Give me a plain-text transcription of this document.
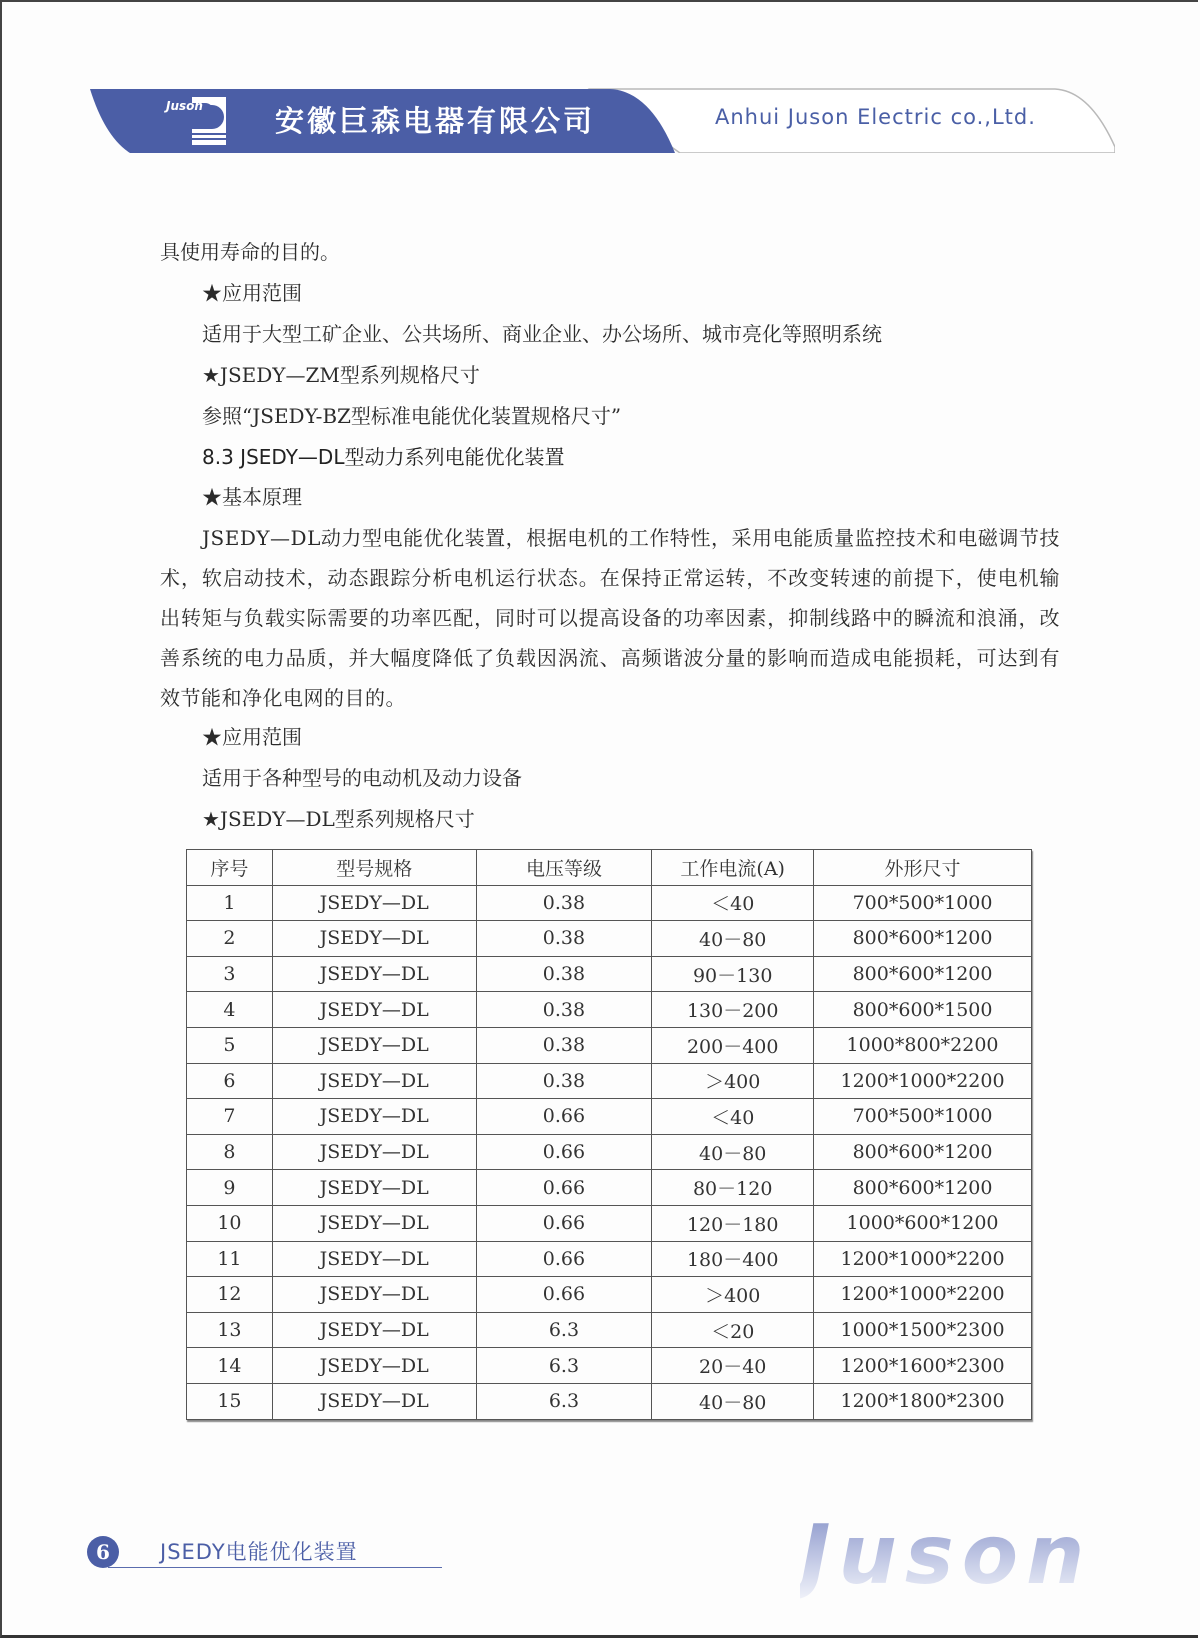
Juson 安徽巨森电器有限公司	Anhui Juson Electric co.,Ltd.
具使用寿命的目的。
★应用范围
适用于大型工矿企业、公共场所、商业企业、办公场所、城市亮化等照明系统
★JSEDY—ZM型系列规格尺寸
参照“JSEDY-BZ型标准电能优化装置规格尺寸”
8.3 JSEDY—DL型动力系列电能优化装置
★基本原理
JSEDY—DL动力型电能优化装置，根据电机的工作特性，采用电能质量监控技术和电磁调节技术，软启动技术，动态跟踪分析电机运行状态。在保持正常运转，不改变转速的前提下，使电机输出转矩与负载实际需要的功率匹配，同时可以提高设备的功率因素，抑制线路中的瞬流和浪涌，改善系统的电力品质，并大幅度降低了负载因涡流、高频谐波分量的影响而造成电能损耗，可达到有效节能和净化电网的目的。
★应用范围
适用于各种型号的电动机及动力设备
★JSEDY—DL型系列规格尺寸
序号	型号规格	电压等级	工作电流(A)	外形尺寸
1	JSEDY—DL	0.38	＜40	700*500*1000
2	JSEDY—DL	0.38	40－80	800*600*1200
3	JSEDY—DL	0.38	90－130	800*600*1200
4	JSEDY—DL	0.38	130－200	800*600*1500
5	JSEDY—DL	0.38	200－400	1000*800*2200
6	JSEDY—DL	0.38	＞400	1200*1000*2200
7	JSEDY—DL	0.66	＜40	700*500*1000
8	JSEDY—DL	0.66	40－80	800*600*1200
9	JSEDY—DL	0.66	80－120	800*600*1200
10	JSEDY—DL	0.66	120－180	1000*600*1200
11	JSEDY—DL	0.66	180－400	1200*1000*2200
12	JSEDY—DL	0.66	＞400	1200*1000*2200
13	JSEDY—DL	6.3	＜20	1000*1500*2300
14	JSEDY—DL	6.3	20－40	1200*1600*2300
15	JSEDY—DL	6.3	40－80	1200*1800*2300
6	JSEDY电能优化装置	Juson
